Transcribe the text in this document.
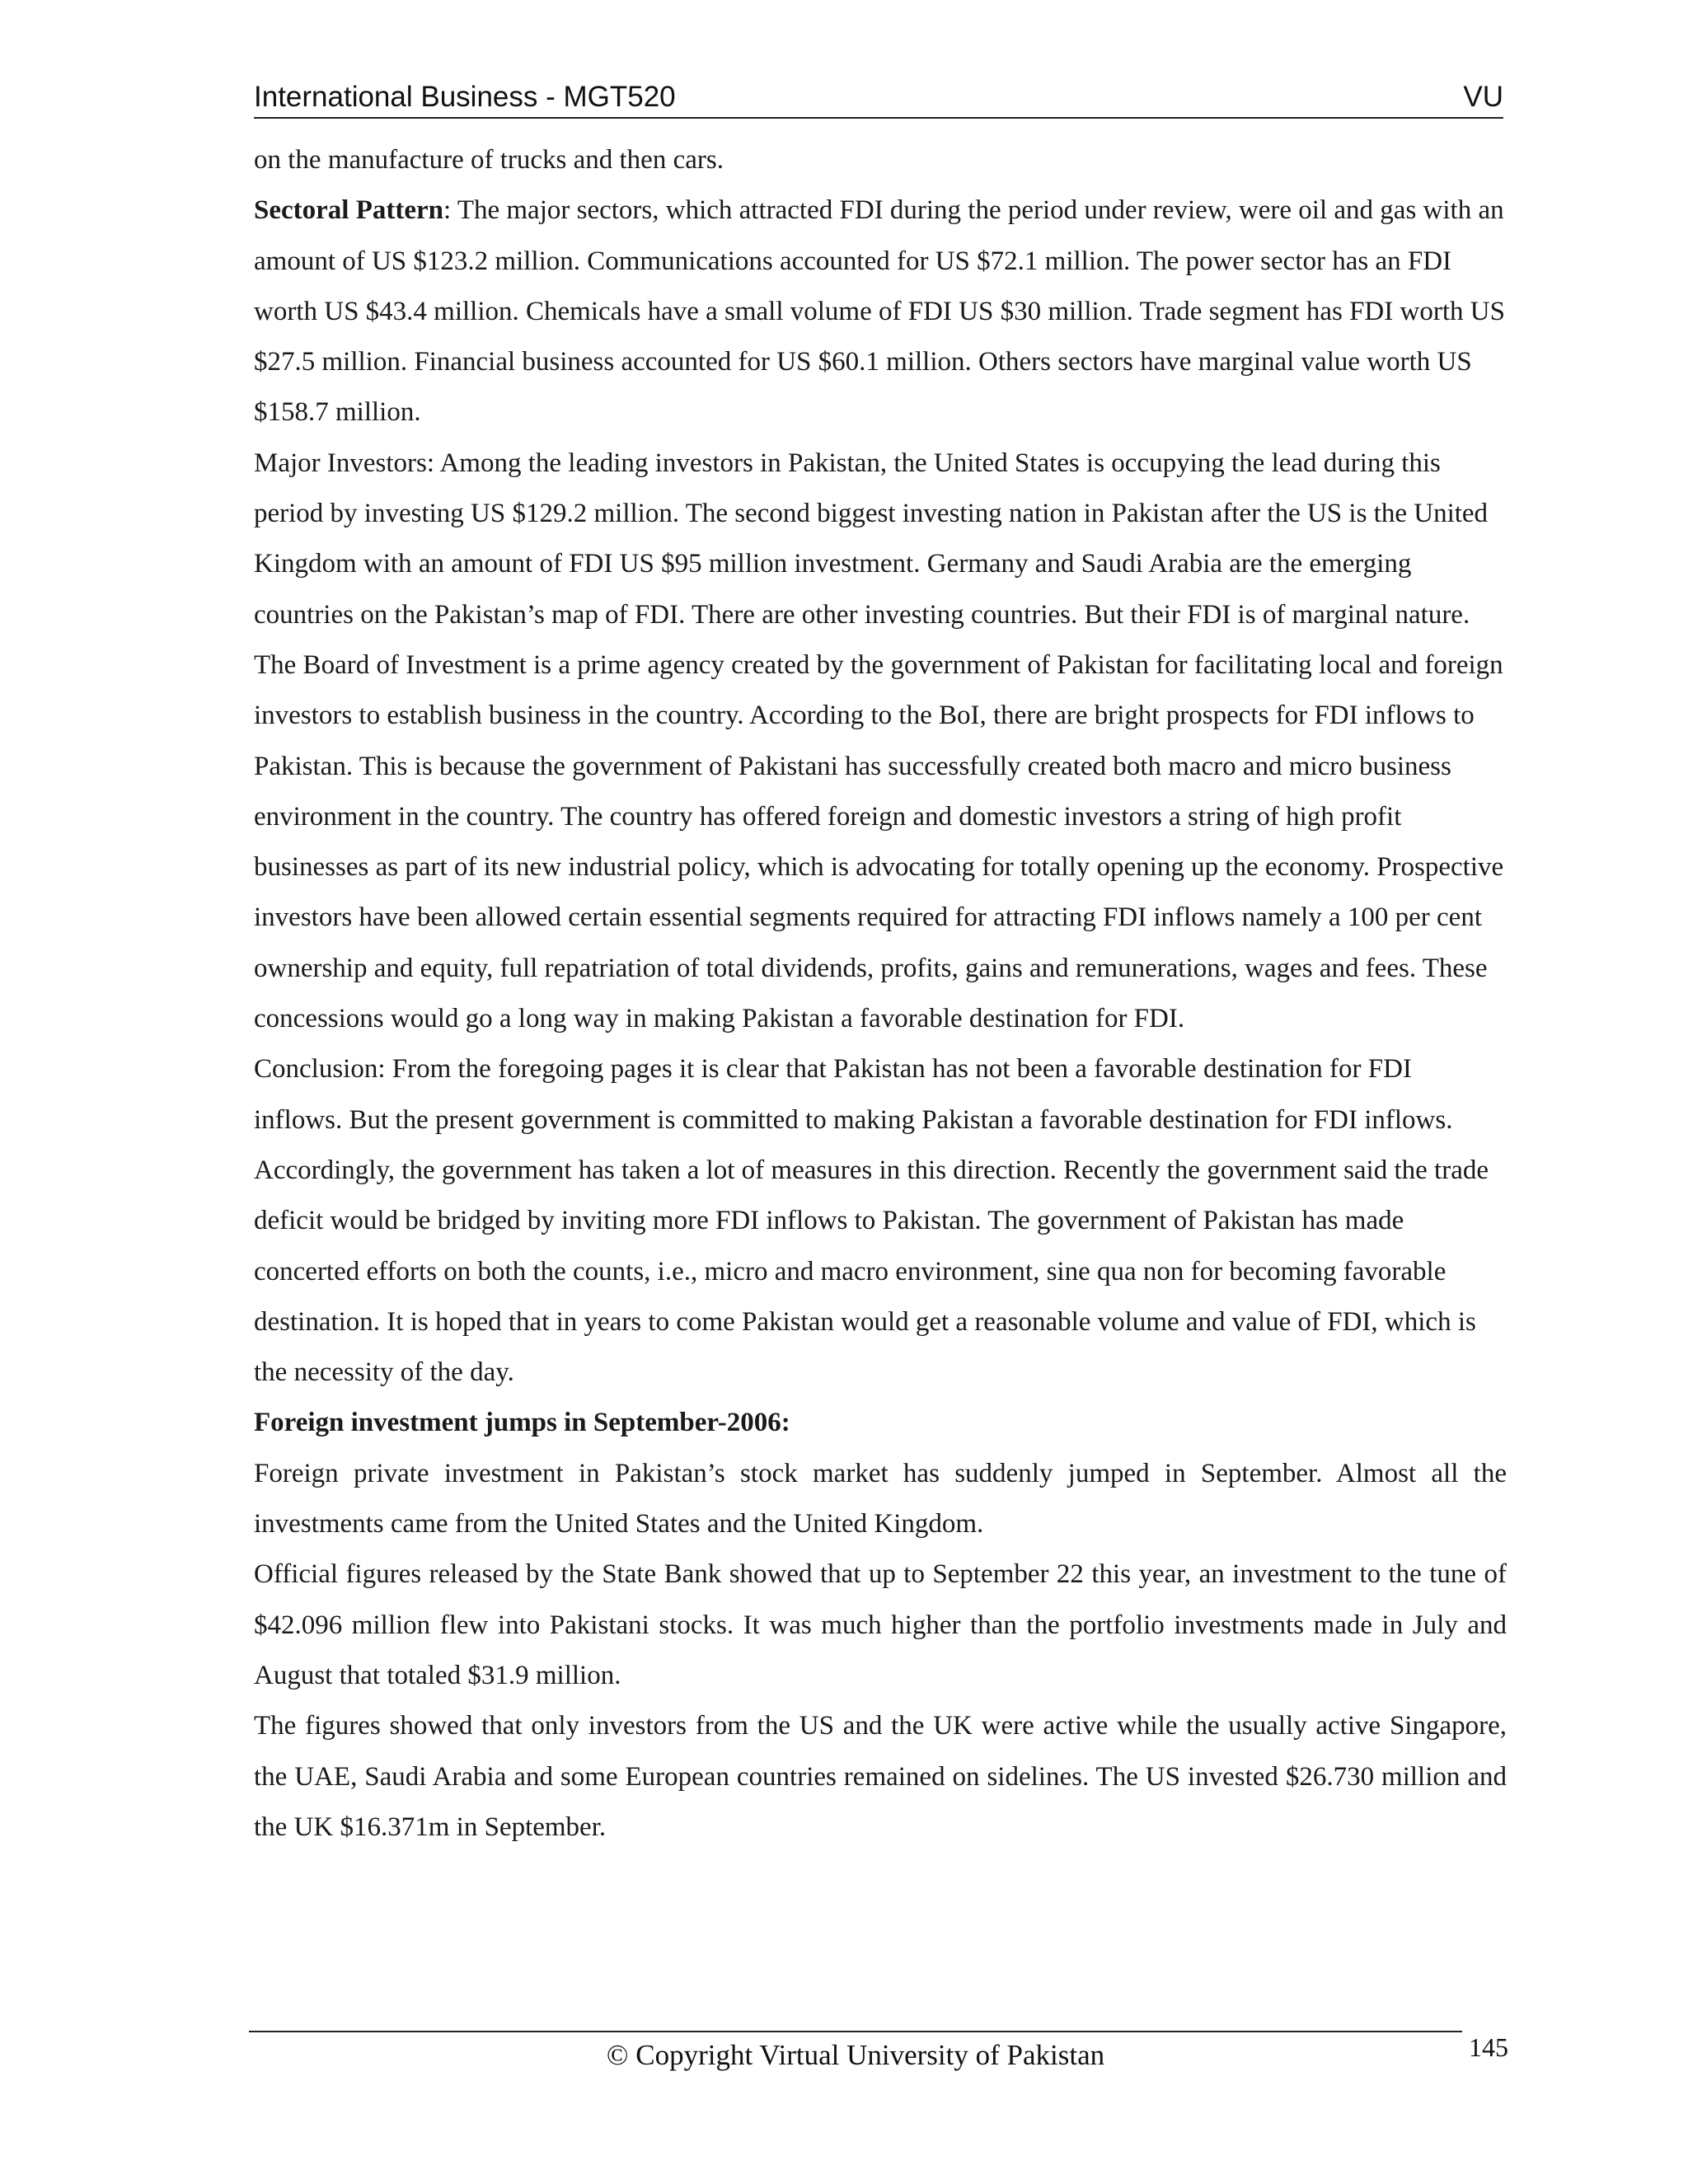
International Business - MGT520	VU

on the manufacture of trucks and then cars.

Sectoral Pattern: The major sectors, which attracted FDI during the period under review, were oil and gas with an amount of US $123.2 million. Communications accounted for US $72.1 million. The power sector has an FDI worth US $43.4 million. Chemicals have a small volume of FDI US $30 million. Trade segment has FDI worth US $27.5 million. Financial business accounted for US $60.1 million. Others sectors have marginal value worth US $158.7 million.

Major Investors: Among the leading investors in Pakistan, the United States is occupying the lead during this period by investing US $129.2 million. The second biggest investing nation in Pakistan after the US is the United Kingdom with an amount of FDI US $95 million investment. Germany and Saudi Arabia are the emerging countries on the Pakistan’s map of FDI. There are other investing countries. But their FDI is of marginal nature.

The Board of Investment is a prime agency created by the government of Pakistan for facilitating local and foreign investors to establish business in the country. According to the BoI, there are bright prospects for FDI inflows to Pakistan. This is because the government of Pakistani has successfully created both macro and micro business environment in the country. The country has offered foreign and domestic investors a string of high profit businesses as part of its new industrial policy, which is advocating for totally opening up the economy. Prospective investors have been allowed certain essential segments required for attracting FDI inflows namely a 100 per cent ownership and equity, full repatriation of total dividends, profits, gains and remunerations, wages and fees. These concessions would go a long way in making Pakistan a favorable destination for FDI.

Conclusion: From the foregoing pages it is clear that Pakistan has not been a favorable destination for FDI inflows. But the present government is committed to making Pakistan a favorable destination for FDI inflows. Accordingly, the government has taken a lot of measures in this direction. Recently the government said the trade deficit would be bridged by inviting more FDI inflows to Pakistan. The government of Pakistan has made concerted efforts on both the counts, i.e., micro and macro environment, sine qua non for becoming favorable destination. It is hoped that in years to come Pakistan would get a reasonable volume and value of FDI, which is the necessity of the day.

Foreign investment jumps in September-2006:

Foreign private investment in Pakistan’s stock market has suddenly jumped in September. Almost all the investments came from the United States and the United Kingdom.

Official figures released by the State Bank showed that up to September 22 this year, an investment to the tune of $42.096 million flew into Pakistani stocks. It was much higher than the portfolio investments made in July and August that totaled $31.9 million.

The figures showed that only investors from the US and the UK were active while the usually active Singapore, the UAE, Saudi Arabia and some European countries remained on sidelines. The US invested $26.730 million and the UK $16.371m in September.

© Copyright Virtual University of Pakistan	145
